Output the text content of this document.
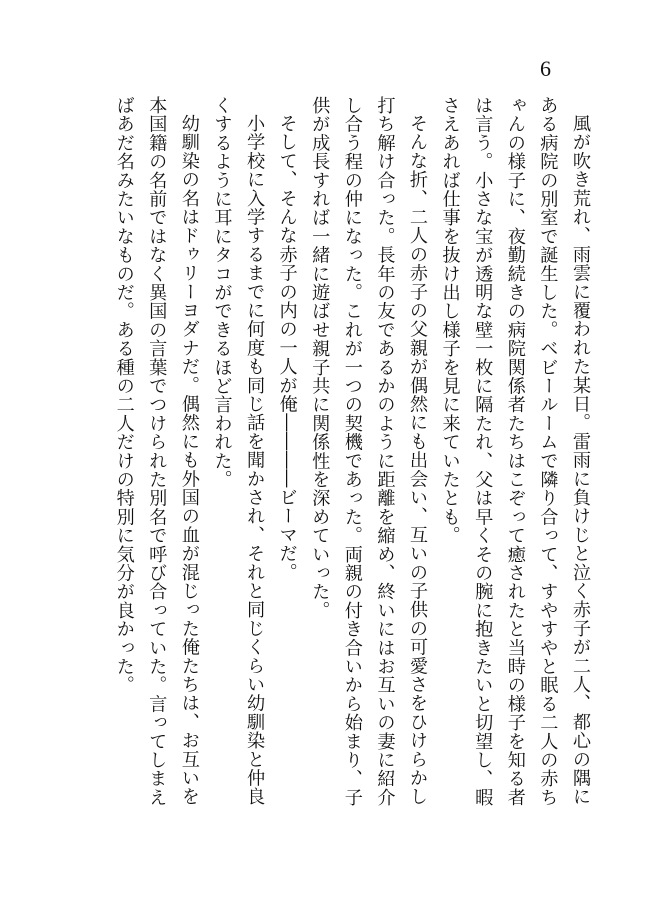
6

風が吹き荒れ、雨雲に覆われた某日。雷雨に負けじと泣く赤子が二人、都心の隅にある病院の別室で誕生した。ベビールームで隣り合って、すやすやと眠る二人の赤ちゃんの様子に、夜勤続きの病院関係者たちはこぞって癒されたと当時の様子を知る者は言う。小さな宝が透明な壁一枚に隔たれ、父は早くその腕に抱きたいと切望し、暇さえあれば仕事を抜け出し様子を見に来ていたとも。

そんな折、二人の赤子の父親が偶然にも出会い、互いの子供の可愛さをひけらかし打ち解け合った。長年の友であるかのように距離を縮め、終いにはお互いの妻に紹介し合う程の仲になった。これが一つの契機であった。両親の付き合いから始まり、子供が成長すれば一緒に遊ばせ親子共に関係性を深めていった。

そして、そんな赤子の内の一人が俺――――ビーマだ。

小学校に入学するまでに何度も同じ話を聞かされ、それと同じくらい幼馴染と仲良くするように耳にタコができるほど言われた。

幼馴染の名はドゥリーヨダナだ。偶然にも外国の血が混じった俺たちは、お互いを本国籍の名前ではなく異国の言葉でつけられた別名で呼び合っていた。言ってしまえばあだ名みたいなものだ。ある種の二人だけの特別に気分が良かった。
